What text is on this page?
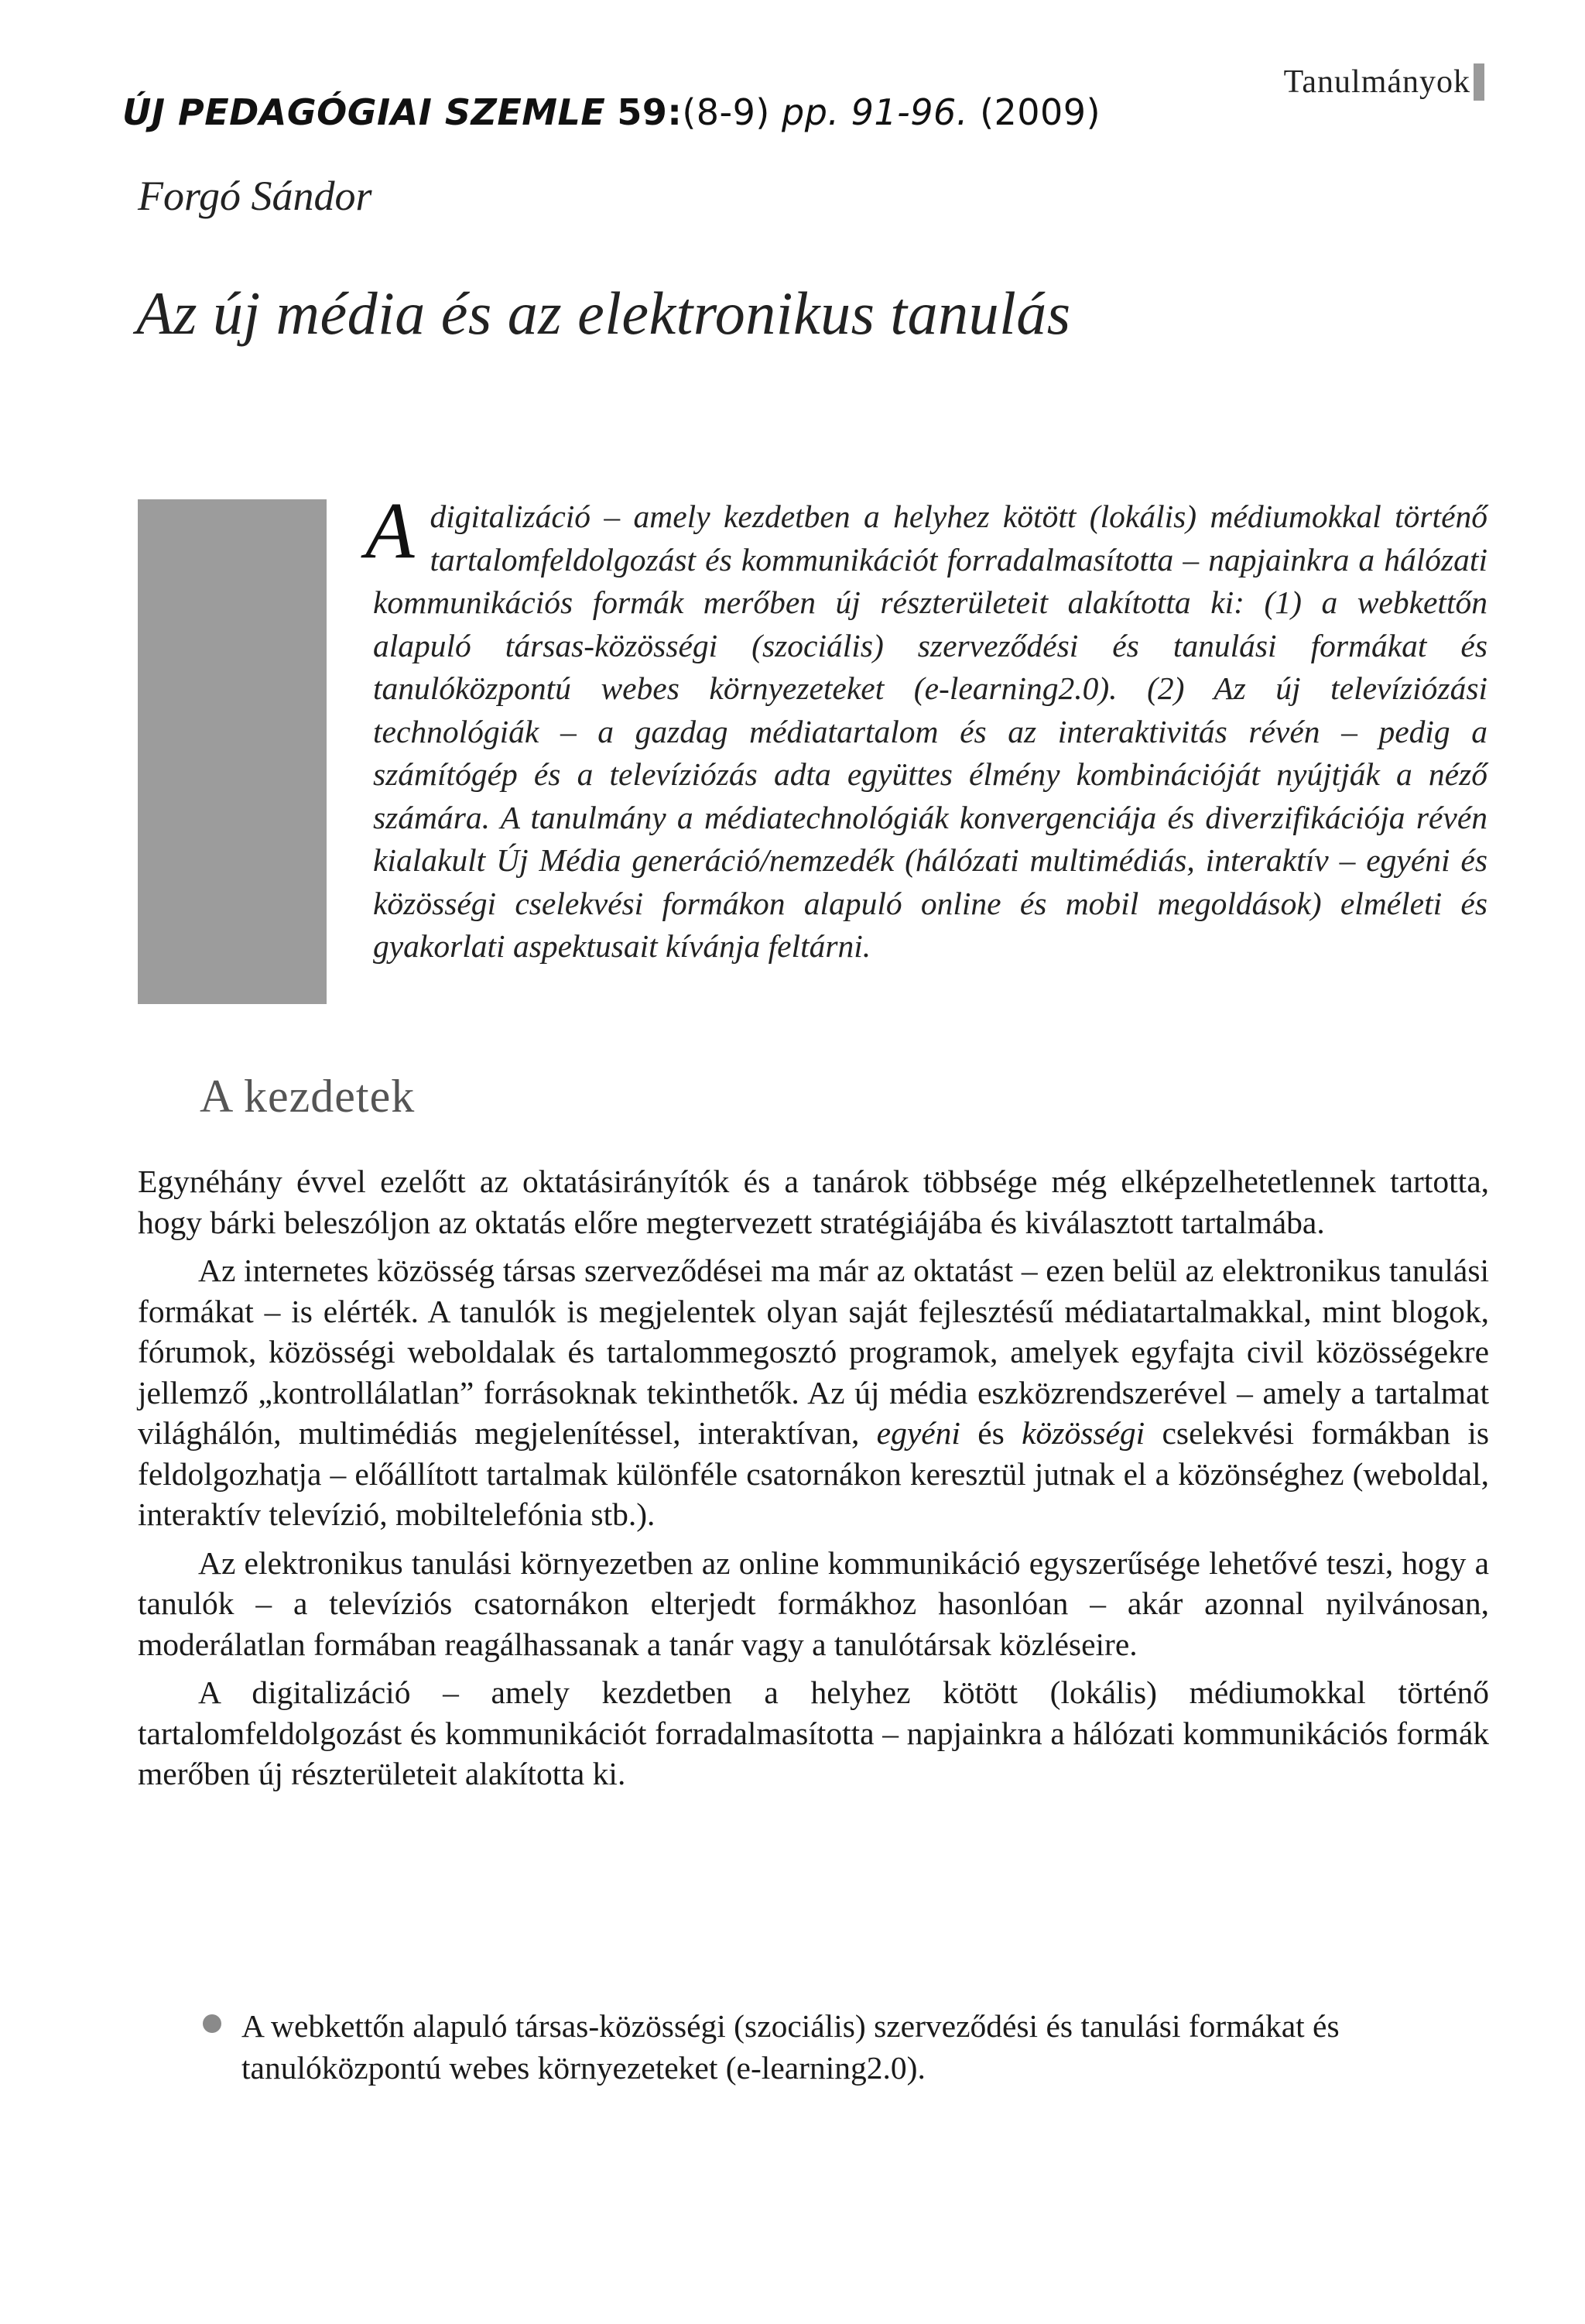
ÚJ PEDAGÓGIAI SZEMLE 59:(8-9) pp. 91-96. (2009)
Tanulmányok
Forgó Sándor
Az új média és az elektronikus tanulás
A digitalizáció – amely kezdetben a helyhez kötött (lokális) médiumokkal történő tartalomfeldolgozást és kommunikációt forradalmasította – napjainkra a hálózati kommunikációs formák merőben új részterületeit alakította ki: (1) a webkettőn alapuló társas-közösségi (szociális) szerveződési és tanulási formákat és tanulóközpontú webes környezeteket (e-learning2.0). (2) Az új televíziózási technológiák – a gazdag médiatartalom és az interaktivitás révén – pedig a számítógép és a televíziózás adta együttes élmény kombinációját nyújtják a néző számára. A tanulmány a médiatechnológiák konvergenciája és diverzifikációja révén kialakult Új Média generáció/nemzedék (hálózati multimédiás, interaktív – egyéni és közösségi cselekvési formákon alapuló online és mobil megoldások) elméleti és gyakorlati aspektusait kívánja feltárni.
A kezdetek

Egynéhány évvel ezelőtt az oktatásirányítók és a tanárok többsége még elképzelhetetlennek tartotta, hogy bárki beleszóljon az oktatás előre megtervezett stratégiájába és kiválasztott tartalmába.

Az internetes közösség társas szerveződései ma már az oktatást – ezen belül az elektronikus tanulási formákat – is elérték. A tanulók is megjelentek olyan saját fejlesztésű médiatartalmakkal, mint blogok, fórumok, közösségi weboldalak és tartalommegosztó programok, amelyek egyfajta civil közösségekre jellemző „kontrollálatlan” forrásoknak tekinthetők. Az új média eszközrendszerével – amely a tartalmat világhálón, multimédiás megjelenítéssel, interaktívan, egyéni és közösségi cselekvési formákban is feldolgozhatja – előállított tartalmak különféle csatornákon keresztül jutnak el a közönséghez (weboldal, interaktív televízió, mobiltelefónia stb.).

Az elektronikus tanulási környezetben az online kommunikáció egyszerűsége lehetővé teszi, hogy a tanulók – a televíziós csatornákon elterjedt formákhoz hasonlóan – akár azonnal nyilvánosan, moderálatlan formában reagálhassanak a tanár vagy a tanulótársak közléseire.

A digitalizáció – amely kezdetben a helyhez kötött (lokális) médiumokkal történő tartalomfeldolgozást és kommunikációt forradalmasította – napjainkra a hálózati kommunikációs formák merőben új részterületeit alakította ki.

A webkettőn alapuló társas-közösségi (szociális) szerveződési és tanulási formákat és tanulóközpontú webes környezeteket (e-learning2.0).
